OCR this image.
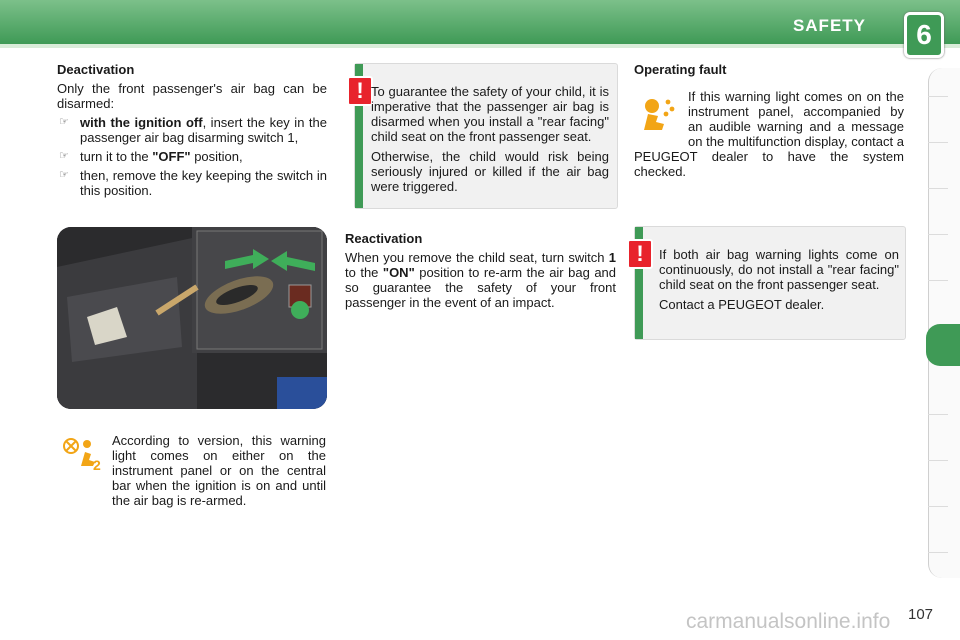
SAFETY	6

Deactivation

Only the front passenger's air bag can be disarmed:

☞ with the ignition off, insert the key in the passenger air bag disarming switch 1,
☞ turn it to the "OFF" position,
☞ then, remove the key keeping the switch in this position.
! To guarantee the safety of your child, it is imperative that the passenger air bag is disarmed when you install a "rear facing" child seat on the front passenger seat.

Otherwise, the child would risk being seriously injured or killed if the air bag were triggered.

2
According to version, this warning light comes on either on the instrument panel or on the central bar when the ignition is on and until the air bag is re-armed.

Reactivation

When you remove the child seat, turn switch 1 to the "ON" position to re-arm the air bag and so guarantee the safety of your front passenger in the event of an impact.

Operating fault

If this warning light comes on on the instrument panel, accompanied by an audible warning and a message on the multifunction display, contact a PEUGEOT dealer to have the system checked.
!	If both air bag warning lights come on continuously, do not install a "rear facing" child seat on the front passenger seat.

Contact a PEUGEOT dealer.

carmanualsonline.info 107
